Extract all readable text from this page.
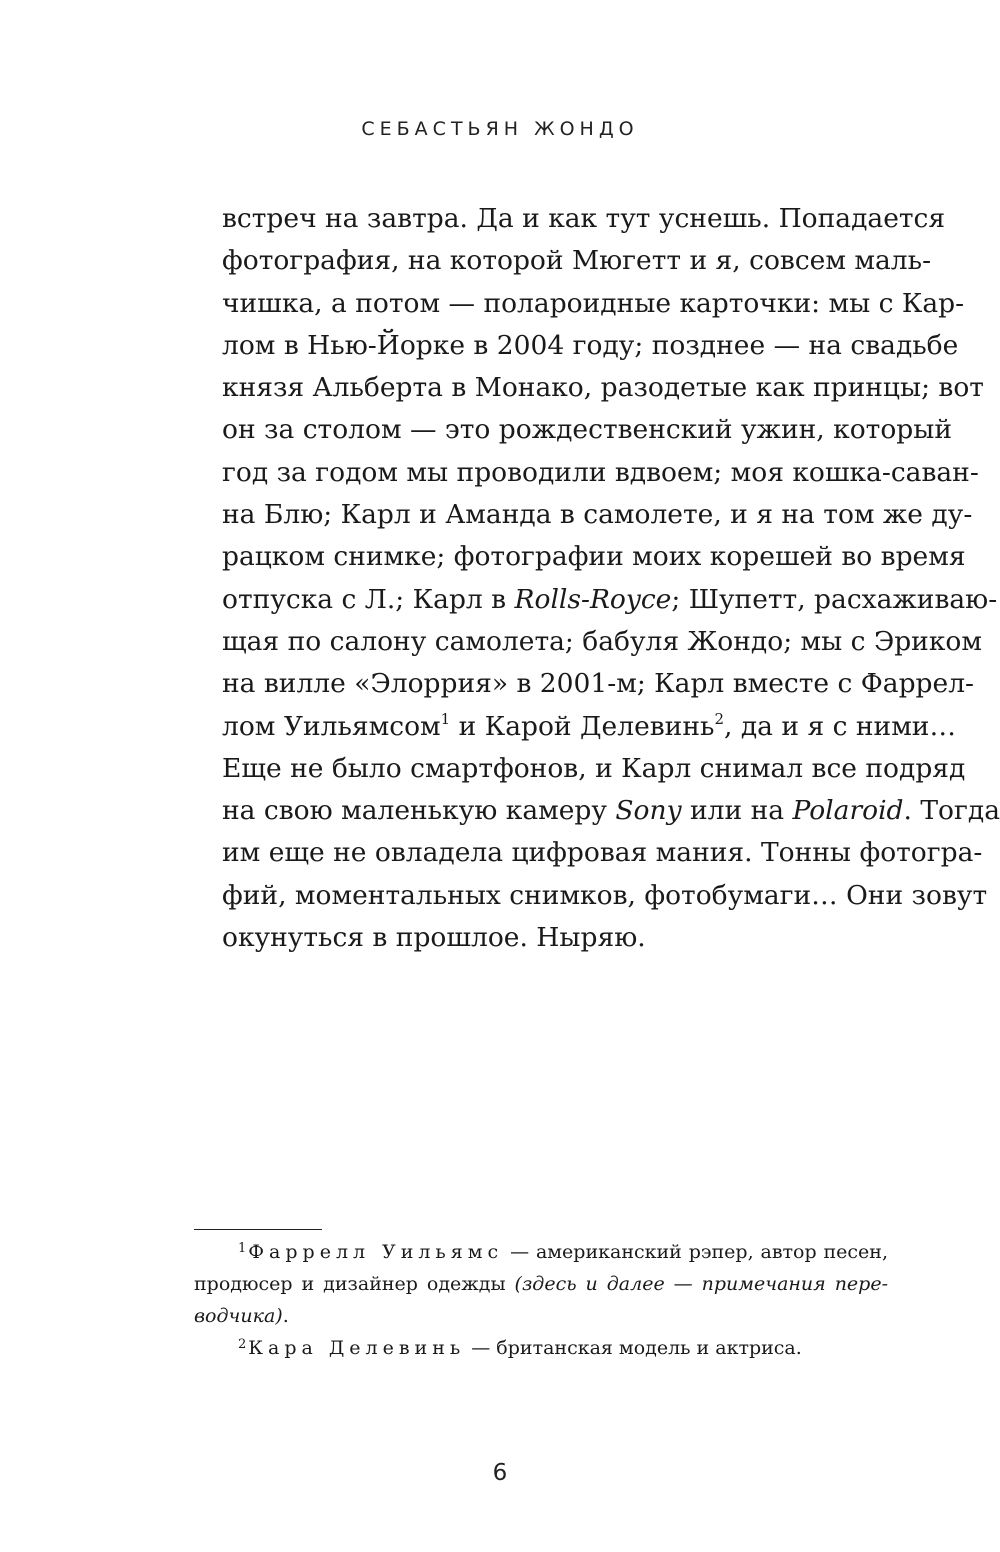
СЕБАСТЬЯН ЖОНДО
встреч на завтра. Да и как тут уснешь. Попадается
фотография, на которой Мюгетт и я, совсем маль-
чишка, а потом — полароидные карточки: мы с Кар-
лом в Нью-Йорке в 2004 году; позднее — на свадьбе
князя Альберта в Монако, разодетые как принцы; вот
он за столом — это рождественский ужин, который
год за годом мы проводили вдвоем; моя кошка-саван-
на Блю; Карл и Аманда в самолете, и я на том же ду-
рацком снимке; фотографии моих корешей во время
отпуска с Л.; Карл в Rolls-Royce; Шупетт, расхаживаю-
щая по салону самолета; бабуля Жондо; мы с Эриком
на вилле «Элоррия» в 2001-м; Карл вместе с Фаррел-
лом Уильямсом$^1$ и Карой Делевинь$^2$, да и я с ними…
Еще не было смартфонов, и Карл снимал все подряд
на свою маленькую камеру Sony или на Polaroid. Тогда
им еще не овладела цифровая мания. Тонны фотогра-
фий, моментальных снимков, фотобумаги… Они зовут
окунуться в прошлое. Ныряю.
$^1$ Фаррелл Уильямс — американский рэпер, автор песен,
продюсер и дизайнер одежды (здесь и далее — примечания пере-
водчика).
$^2$ Кара Делевинь — британская модель и актриса.
6
